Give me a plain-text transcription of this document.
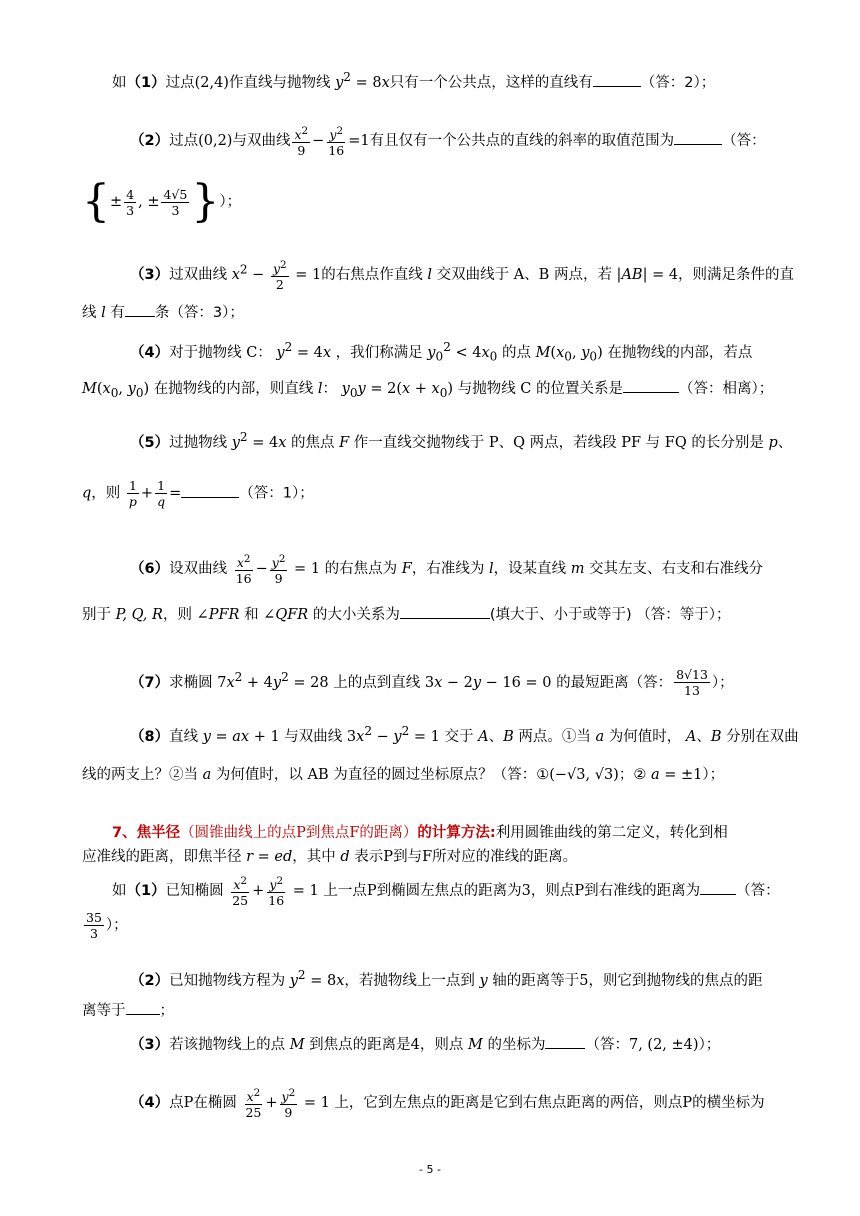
如（1）过点(2,4)作直线与抛物线 $y^2 = 8x$只有一个公共点，这样的直线有	（答：2）；
（2）过点(0,2)与双曲线 $\frac{x^2}{9} - \frac{y^2}{16} =1$有且仅有一个公共点的直线的斜率的取值范围为	（答：
{± $\frac{4}{3}$ , ± $\frac{4√5}{3}$ }）；
（3）过双曲线 $x^2 - \frac{y^2}{2} = 1$的右焦点作直线 l 交双曲线于 A、B 两点，若 |AB| = 4，则满足条件的直
线 l 有 条（答：3）；
（4）对于抛物线 C： $y^2 = 4x$ ，我们称满足 $y_0^2 < 4x_0$ 的点 $M(x_0$, $y_0$) 在抛物线的内部，若点
$M(x_0$, $y_0$) 在抛物线的内部，则直线 l： $y_0y = 2(x + x_0)$ 与抛物线 C 的位置关系是	（答：相离）；
（5）过抛物线 $y^2 = 4x$ 的焦点 F 作一直线交抛物线于 P、Q 两点，若线段 PF 与 FQ 的长分别是 p、
q，则 $\frac{1}{p} + \frac{1}{q}$ =	（答：1）；
（6）设双曲线 $\frac{x^2}{16} - \frac{y^2}{9} = 1$ 的右焦点为 F，右准线为 l，设某直线 m 交其左支、右支和右准线分
别于 P, Q, R，则 ∠PFR 和 ∠QFR 的大小关系为	(填大于、小于或等于) （答：等于）；
（7）求椭圆 $7x^2 + 4y^2 = 28$ 上的点到直线 3x − 2y − 16 = 0 的最短距离（答： $\frac{8√13}{13}$ ）；
（8）直线 y = ax + 1 与双曲线 $3x^2 - y^2 = 1$ 交于 A、B 两点。①当 a 为何值时， A、B 分别在双曲
线的两支上？②当 a 为何值时，以 AB 为直径的圆过坐标原点？（答：①(−√3, √3)；② a = ±1）；
7、焦半径（圆锥曲线上的点P到焦点F的距离）的计算方法:利用圆锥曲线的第二定义，转化到相
应准线的距离，即焦半径 r = ed，其中 d 表示P到与F所对应的准线的距离。
如（1）已知椭圆 $\frac{x^2}{25} + \frac{y^2}{16} = 1$ 上一点P到椭圆左焦点的距离为3，则点P到右准线的距离为 （答：
$\frac{35}{3}$ ）；
（2）已知抛物线方程为 $y^2 = 8x$，若抛物线上一点到 y 轴的距离等于5，则它到抛物线的焦点的距
离等于 ；
（3）若该抛物线上的点 M 到焦点的距离是4，则点 M 的坐标为	（答：7, (2, ±4)）；
（4）点P在椭圆 $\frac{x^2}{25} + \frac{y^2}{9} = 1$ 上，它到左焦点的距离是它到右焦点距离的两倍，则点P的横坐标为
- 5 -
